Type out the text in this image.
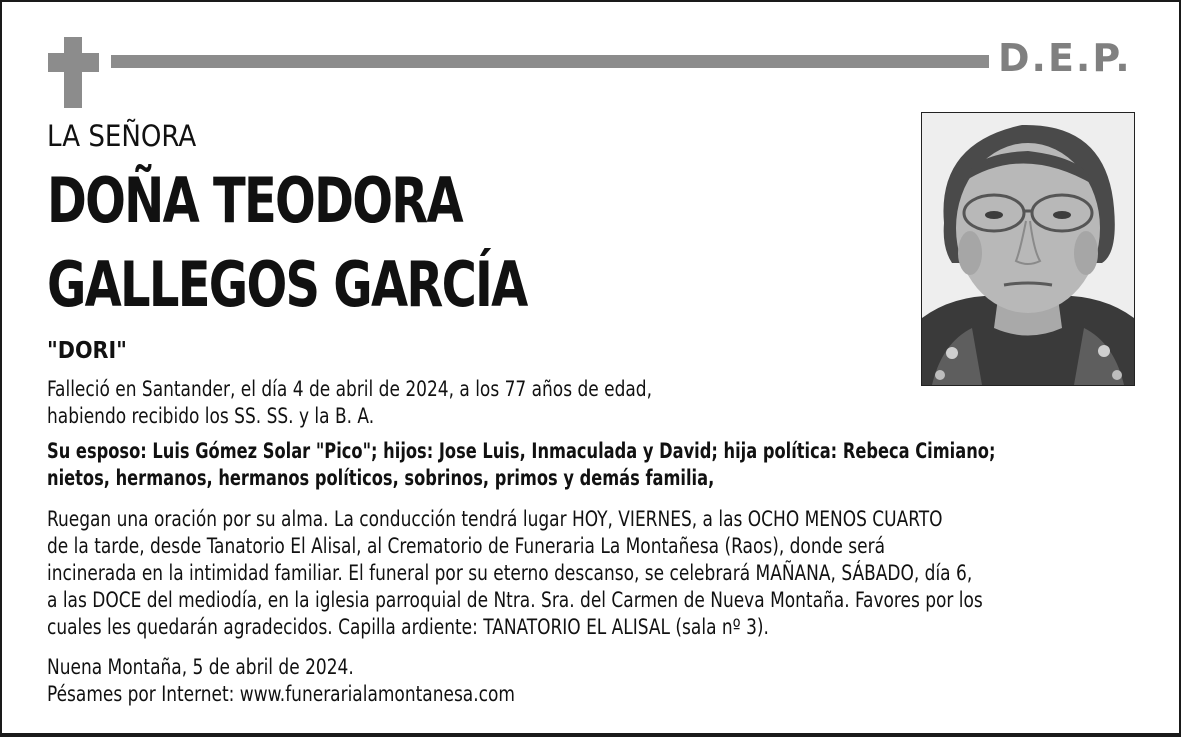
D.E.P.
LA SEÑORA
DOÑA TEODORA
GALLEGOS GARCÍA
"DORI"
Falleció en Santander, el día 4 de abril de 2024, a los 77 años de edad,
habiendo recibido los SS. SS. y la B. A.
Su esposo: Luis Gómez Solar "Pico"; hijos: Jose Luis, Inmaculada y David; hija política: Rebeca Cimiano;
nietos, hermanos, hermanos políticos, sobrinos, primos y demás familia,
Ruegan una oración por su alma. La conducción tendrá lugar HOY, VIERNES, a las OCHO MENOS CUARTO
de la tarde, desde Tanatorio El Alisal, al Crematorio de Funeraria La Montañesa (Raos), donde será
incinerada en la intimidad familiar. El funeral por su eterno descanso, se celebrará MAÑANA, SÁBADO, día 6,
a las DOCE del mediodía, en la iglesia parroquial de Ntra. Sra. del Carmen de Nueva Montaña. Favores por los
cuales les quedarán agradecidos. Capilla ardiente: TANATORIO EL ALISAL (sala nº 3).
Nuena Montaña, 5 de abril de 2024.
Pésames por Internet: www.funerarialamontanesa.com
